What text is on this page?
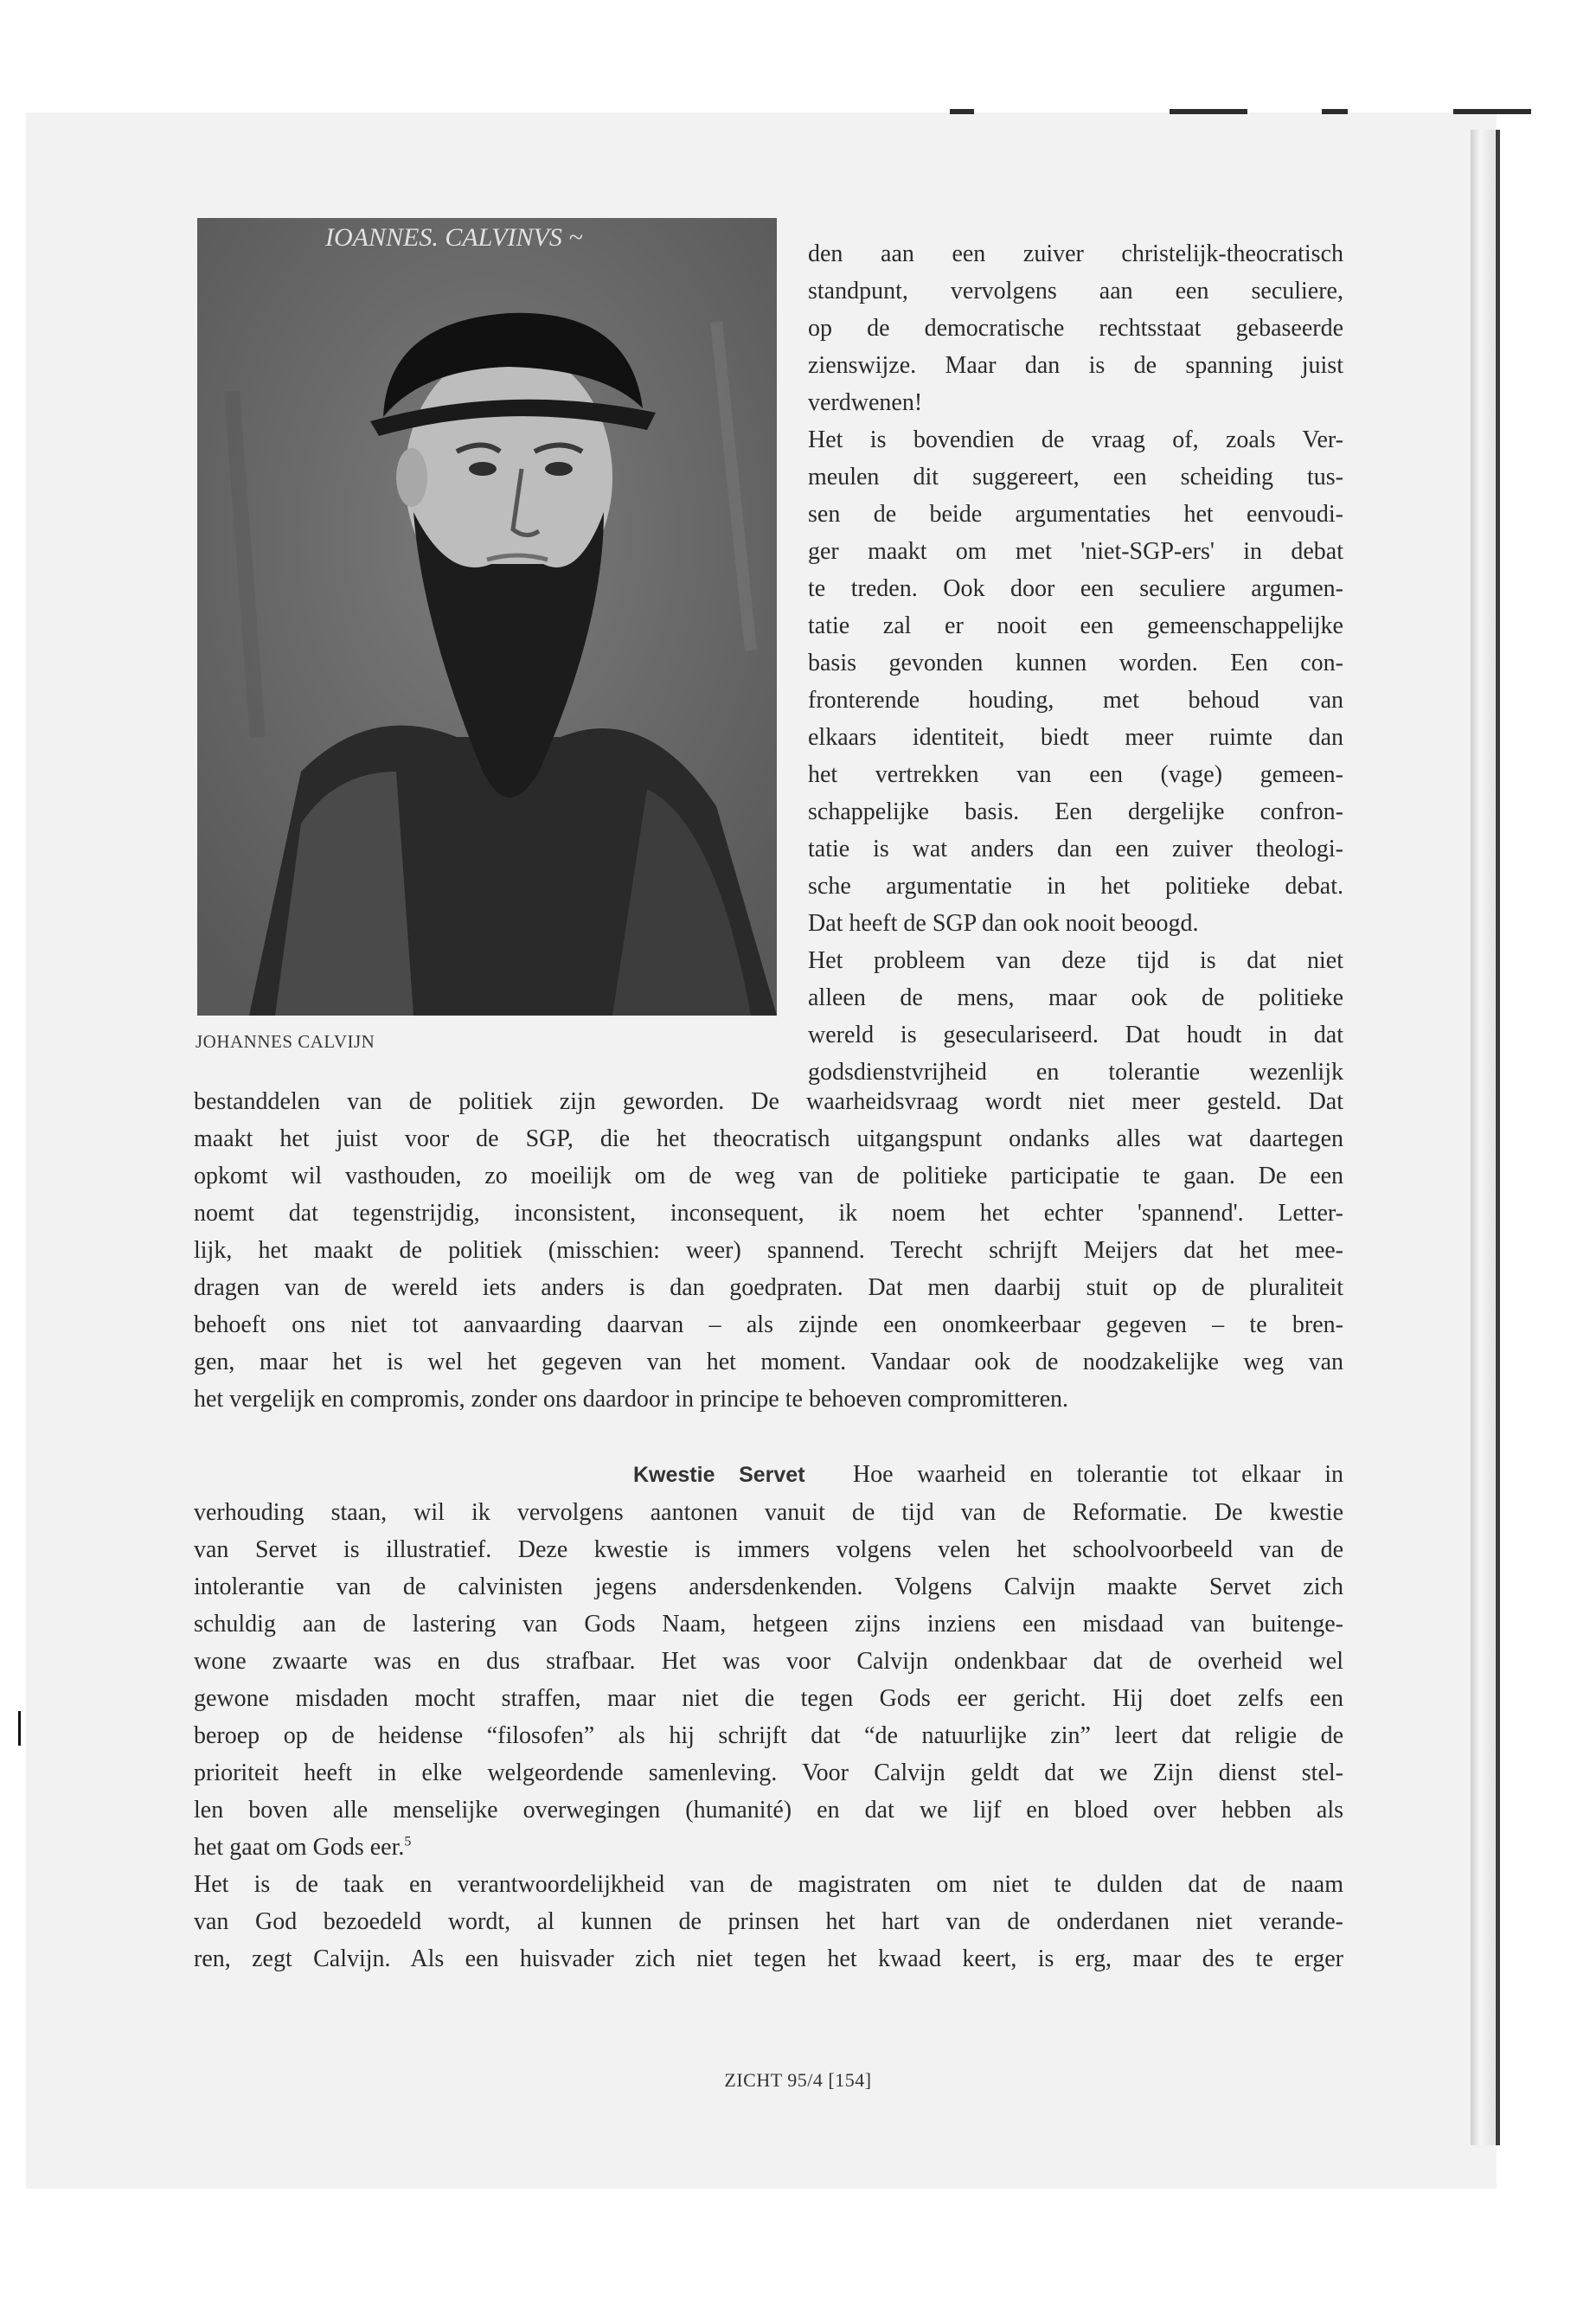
IOANNES. CALVINVS ~
JOHANNES CALVIJN
den aan een zuiver christelijk-theocratisch
standpunt, vervolgens aan een seculiere,
op de democratische rechtsstaat gebaseerde
zienswijze. Maar dan is de spanning juist
verdwenen!
Het is bovendien de vraag of, zoals Ver-
meulen dit suggereert, een scheiding tus-
sen de beide argumentaties het eenvoudi-
ger maakt om met 'niet-SGP-ers' in debat
te treden. Ook door een seculiere argumen-
tatie zal er nooit een gemeenschappelijke
basis gevonden kunnen worden. Een con-
fronterende houding, met behoud van
elkaars identiteit, biedt meer ruimte dan
het vertrekken van een (vage) gemeen-
schappelijke basis. Een dergelijke confron-
tatie is wat anders dan een zuiver theologi-
sche argumentatie in het politieke debat.
Dat heeft de SGP dan ook nooit beoogd.
Het probleem van deze tijd is dat niet
alleen de mens, maar ook de politieke
wereld is geseculariseerd. Dat houdt in dat
godsdienstvrijheid en tolerantie wezenlijk
bestanddelen van de politiek zijn geworden. De waarheidsvraag wordt niet meer gesteld. Dat
maakt het juist voor de SGP, die het theocratisch uitgangspunt ondanks alles wat daartegen
opkomt wil vasthouden, zo moeilijk om de weg van de politieke participatie te gaan. De een
noemt dat tegenstrijdig, inconsistent, inconsequent, ik noem het echter 'spannend'. Letter-
lijk, het maakt de politiek (misschien: weer) spannend. Terecht schrijft Meijers dat het mee-
dragen van de wereld iets anders is dan goedpraten. Dat men daarbij stuit op de pluraliteit
behoeft ons niet tot aanvaarding daarvan – als zijnde een onomkeerbaar gegeven – te bren-
gen, maar het is wel het gegeven van het moment. Vandaar ook de noodzakelijke weg van
het vergelijk en compromis, zonder ons daardoor in principe te behoeven compromitteren.
Kwestie Servet Hoe waarheid en tolerantie tot elkaar in
verhouding staan, wil ik vervolgens aantonen vanuit de tijd van de Reformatie. De kwestie
van Servet is illustratief. Deze kwestie is immers volgens velen het schoolvoorbeeld van de
intolerantie van de calvinisten jegens andersdenkenden. Volgens Calvijn maakte Servet zich
schuldig aan de lastering van Gods Naam, hetgeen zijns inziens een misdaad van buitenge-
wone zwaarte was en dus strafbaar. Het was voor Calvijn ondenkbaar dat de overheid wel
gewone misdaden mocht straffen, maar niet die tegen Gods eer gericht. Hij doet zelfs een
beroep op de heidense “filosofen” als hij schrijft dat “de natuurlijke zin” leert dat religie de
prioriteit heeft in elke welgeordende samenleving. Voor Calvijn geldt dat we Zijn dienst stel-
len boven alle menselijke overwegingen (humanité) en dat we lijf en bloed over hebben als
het gaat om Gods eer.$^5$
Het is de taak en verantwoordelijkheid van de magistraten om niet te dulden dat de naam
van God bezoedeld wordt, al kunnen de prinsen het hart van de onderdanen niet verande-
ren, zegt Calvijn. Als een huisvader zich niet tegen het kwaad keert, is erg, maar des te erger
ZICHT 95/4 [154]
